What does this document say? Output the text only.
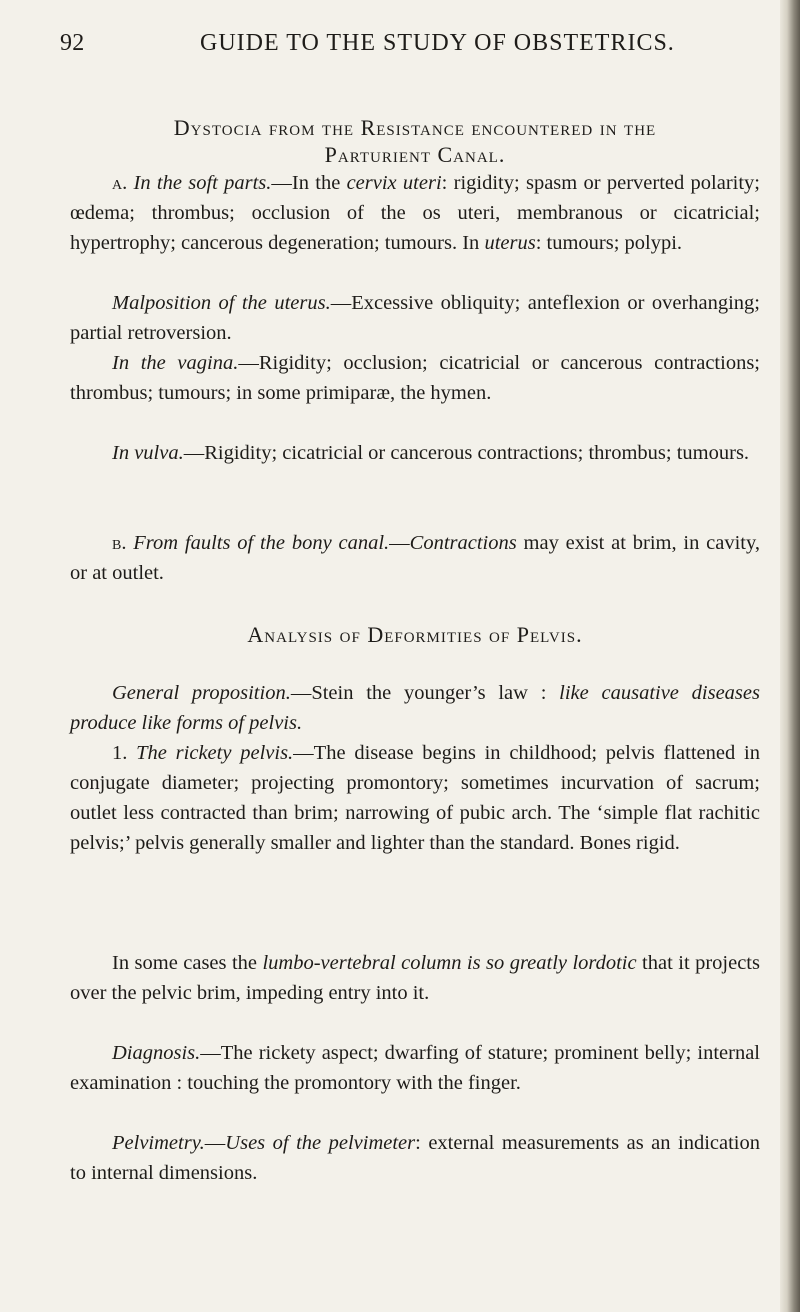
92	GUIDE TO THE STUDY OF OBSTETRICS.
Dystocia from the Resistance encountered in the
Parturient Canal.

a. In the soft parts.—In the cervix uteri: rigidity; spasm or perverted polarity; œdema; thrombus; occlusion of the os uteri, membranous or cicatricial; hypertrophy; cancerous degeneration; tumours. In uterus: tumours; polypi.

Malposition of the uterus.—Excessive obliquity; anteflexion or overhanging; partial retroversion.

In the vagina.—Rigidity; occlusion; cicatricial or cancerous contractions; thrombus; tumours; in some primiparæ, the hymen.

In vulva.—Rigidity; cicatricial or cancerous contractions; thrombus; tumours.

b. From faults of the bony canal.—Contractions may exist at brim, in cavity, or at outlet.

Analysis of Deformities of Pelvis.

General proposition.—Stein the younger’s law : like causative diseases produce like forms of pelvis.

1. The rickety pelvis.—The disease begins in childhood; pelvis flattened in conjugate diameter; projecting promontory; sometimes incurvation of sacrum; outlet less contracted than brim; narrowing of pubic arch. The ‘simple flat rachitic pelvis;’ pelvis generally smaller and lighter than the standard. Bones rigid.

In some cases the lumbo-vertebral column is so greatly lordotic that it projects over the pelvic brim, impeding entry into it.

Diagnosis.—The rickety aspect; dwarfing of stature; prominent belly; internal examination : touching the promontory with the finger.

Pelvimetry.—Uses of the pelvimeter: external measurements as an indication to internal dimensions.
